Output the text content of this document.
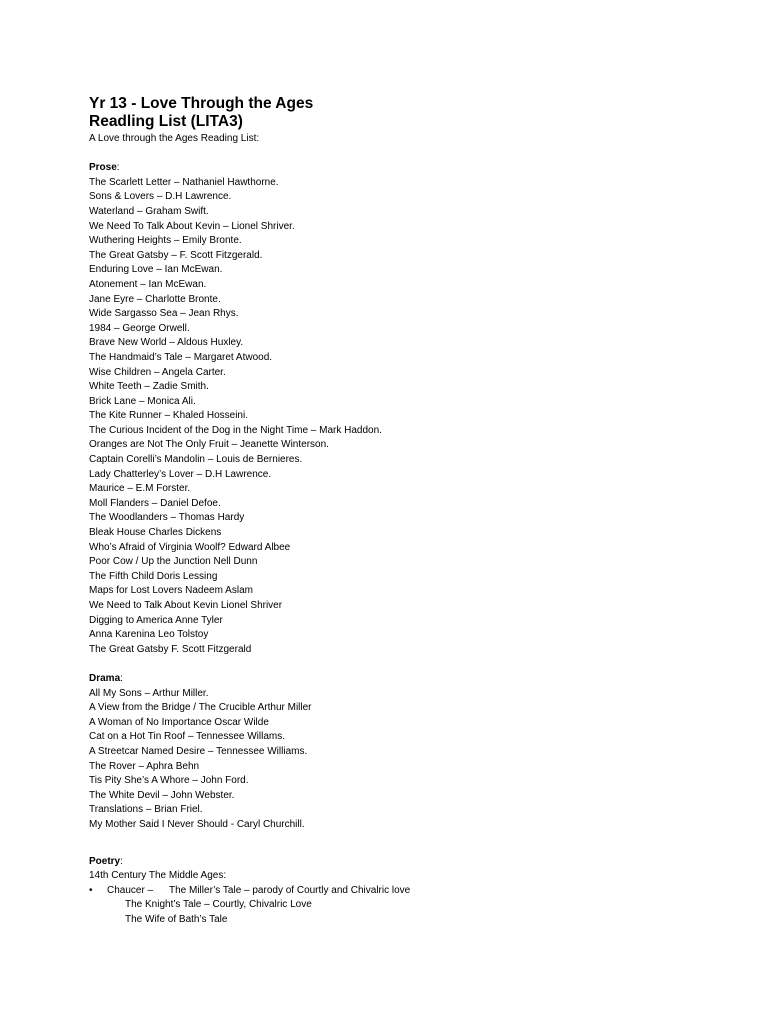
Yr 13 - Love Through the Ages
Readling List (LITA3)
A Love through the Ages Reading List:
Prose:
The Scarlett Letter – Nathaniel Hawthorne.
Sons & Lovers – D.H Lawrence.
Waterland – Graham Swift.
We Need To Talk About Kevin – Lionel Shriver.
Wuthering Heights – Emily Bronte.
The Great Gatsby – F. Scott Fitzgerald.
Enduring Love – Ian McEwan.
Atonement – Ian McEwan.
Jane Eyre – Charlotte Bronte.
Wide Sargasso Sea – Jean Rhys.
1984 – George Orwell.
Brave New World – Aldous Huxley.
The Handmaid’s Tale – Margaret Atwood.
Wise Children – Angela Carter.
White Teeth – Zadie Smith.
Brick Lane – Monica Ali.
The Kite Runner – Khaled Hosseini.
The Curious Incident of the Dog in the Night Time – Mark Haddon.
Oranges are Not The Only Fruit – Jeanette Winterson.
Captain Corelli’s Mandolin – Louis de Bernieres.
Lady Chatterley’s Lover – D.H Lawrence.
Maurice – E.M Forster.
Moll Flanders – Daniel Defoe.
The Woodlanders – Thomas Hardy
Bleak House Charles Dickens
Who’s Afraid of Virginia Woolf? Edward Albee
Poor Cow / Up the Junction Nell Dunn
The Fifth Child Doris Lessing
Maps for Lost Lovers Nadeem Aslam
We Need to Talk About Kevin Lionel Shriver
Digging to America Anne Tyler
Anna Karenina Leo Tolstoy
The Great Gatsby F. Scott Fitzgerald
Drama:
All My Sons – Arthur Miller.
A View from the Bridge / The Crucible Arthur Miller
A Woman of No Importance Oscar Wilde
Cat on a Hot Tin Roof – Tennessee Willams.
A Streetcar Named Desire – Tennessee Williams.
The Rover – Aphra Behn
Tis Pity She’s A Whore – John Ford.
The White Devil – John Webster.
Translations – Brian Friel.
My Mother Said I Never Should - Caryl Churchill.
Poetry:
14th Century The Middle Ages:
• Chaucer – The Miller’s Tale – parody of Courtly and Chivalric love
The Knight’s Tale – Courtly, Chivalric Love
The Wife of Bath’s Tale
